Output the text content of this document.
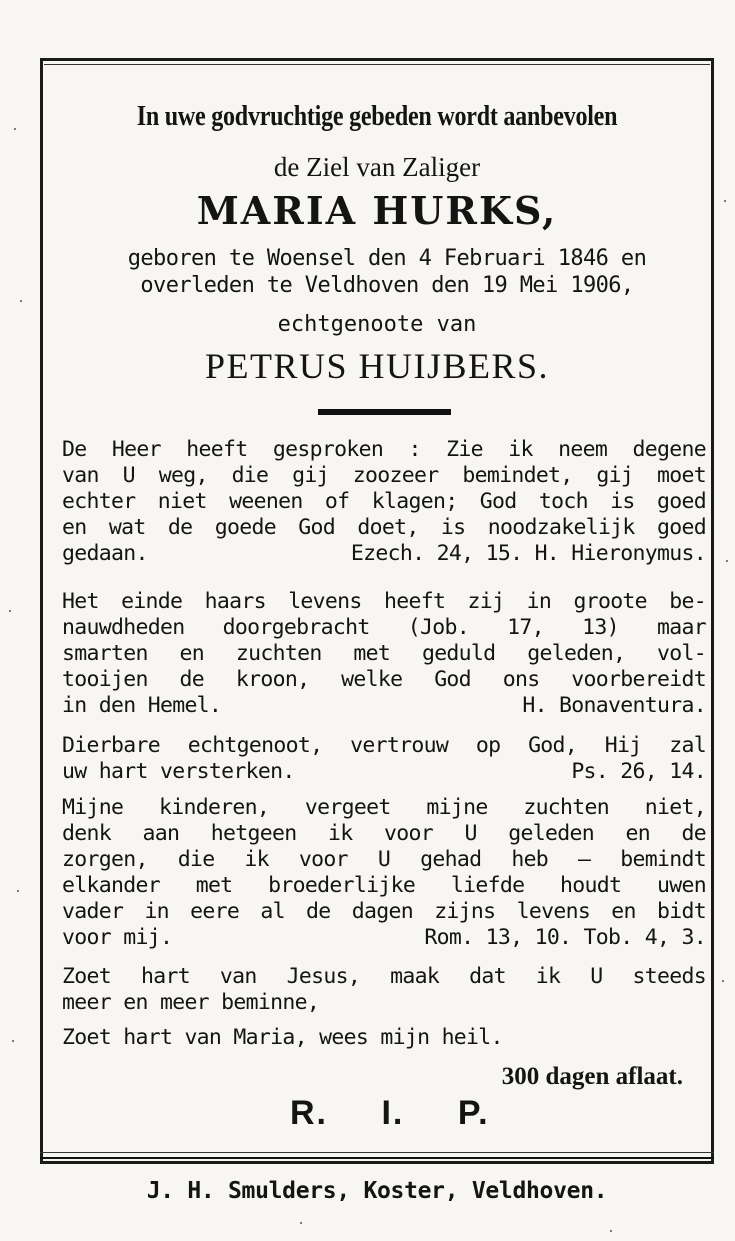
In uwe godvruchtige gebeden wordt aanbevolen
de Ziel van Zaliger
MARIA HURKS,
geboren te Woensel den 4 Februari 1846 en
overleden te Veldhoven den 19 Mei 1906,
echtgenoote van
PETRUS HUIJBERS.
De Heer heeft gesproken : Zie ik neem degene
van U weg, die gij zoozeer bemindet, gij moet
echter niet weenen of klagen; God toch is goed
en wat de goede God doet, is noodzakelijk goed
gedaan.	Ezech. 24, 15. H. Hieronymus.
Het einde haars levens heeft zij in groote be-
nauwdheden doorgebracht (Job. 17, 13) maar
smarten en zuchten met geduld geleden, vol-
tooijen de kroon, welke God ons voorbereidt
in den Hemel.	H. Bonaventura.
Dierbare echtgenoot, vertrouw op God, Hij zal
uw hart versterken.	Ps. 26, 14.
Mijne kinderen, vergeet mijne zuchten niet,
denk aan hetgeen ik voor U geleden en de
zorgen, die ik voor U gehad heb — bemindt
elkander met broederlijke liefde houdt uwen
vader in eere al de dagen zijns levens en bidt
voor mij.	Rom. 13, 10. Tob. 4, 3.
Zoet hart van Jesus, maak dat ik U steeds
meer en meer beminne,
Zoet hart van Maria, wees mijn heil.
300 dagen aflaat.
R. I. P.
J. H. Smulders, Koster, Veldhoven.
